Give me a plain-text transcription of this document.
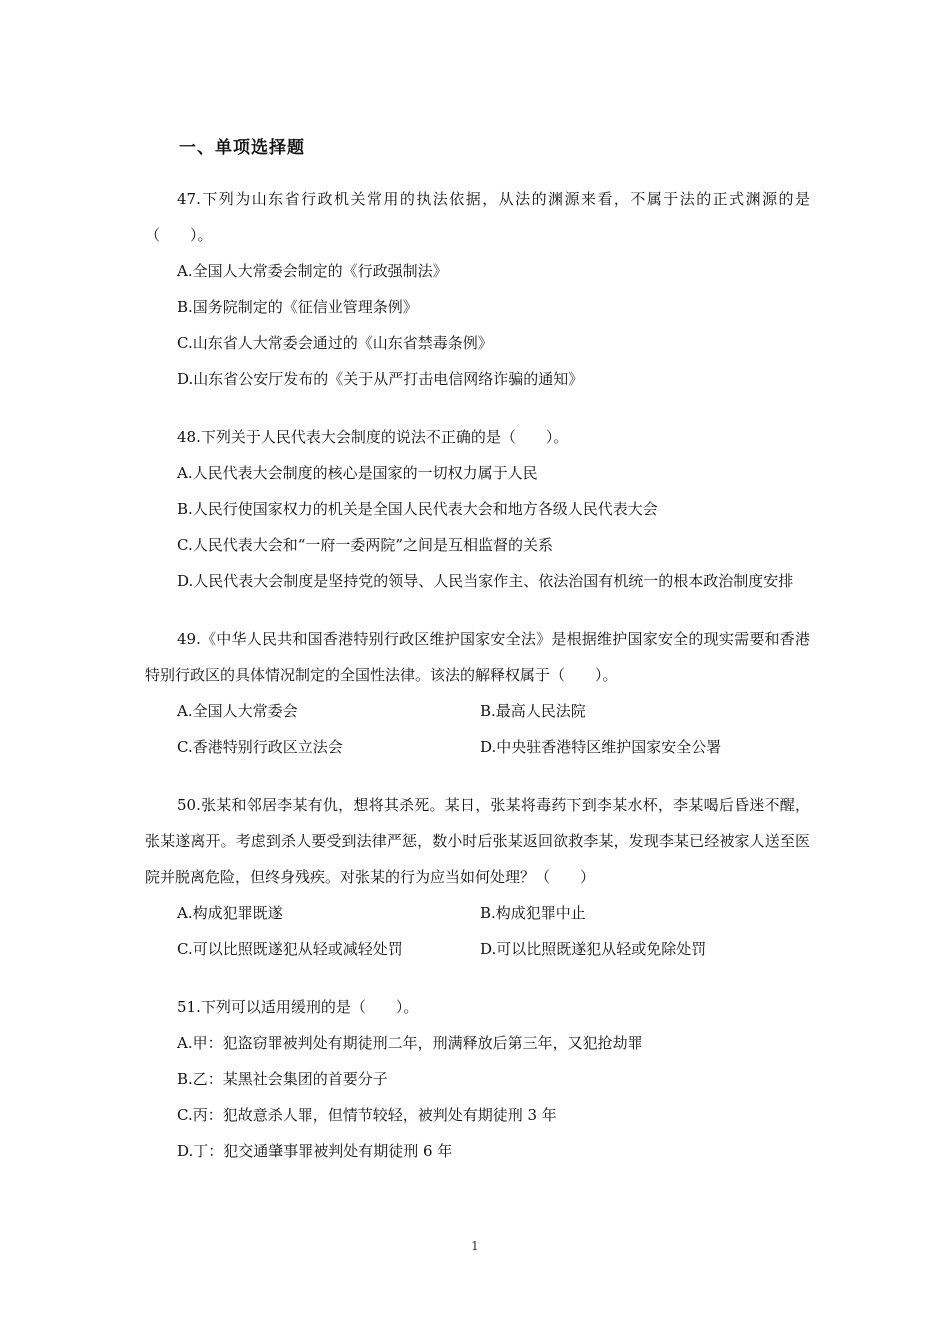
一、单项选择题

47.下列为山东省行政机关常用的执法依据，从法的渊源来看，不属于法的正式渊源的是（　　）。

A.全国人大常委会制定的《行政强制法》
B.国务院制定的《征信业管理条例》
C.山东省人大常委会通过的《山东省禁毒条例》
D.山东省公安厅发布的《关于从严打击电信网络诈骗的通知》

48.下列关于人民代表大会制度的说法不正确的是（　　）。

A.人民代表大会制度的核心是国家的一切权力属于人民
B.人民行使国家权力的机关是全国人民代表大会和地方各级人民代表大会
C.人民代表大会和“一府一委两院”之间是互相监督的关系

D.人民代表大会制度是坚持党的领导、人民当家作主、依法治国有机统一的根本政治制度安排

49.《中华人民共和国香港特别行政区维护国家安全法》是根据维护国家安全的现实需要和香港特别行政区的具体情况制定的全国性法律。该法的解释权属于（　　）。

A.全国人大常委会	B.最高人民法院
C.香港特别行政区立法会	D.中央驻香港特区维护国家安全公署

50.张某和邻居李某有仇，想将其杀死。某日，张某将毒药下到李某水杯，李某喝后昏迷不醒，张某遂离开。考虑到杀人要受到法律严惩，数小时后张某返回欲救李某，发现李某已经被家人送至医院并脱离危险，但终身残疾。对张某的行为应当如何处理？（　　）

A.构成犯罪既遂	B.构成犯罪中止
C.可以比照既遂犯从轻或减轻处罚	D.可以比照既遂犯从轻或免除处罚

51.下列可以适用缓刑的是（　　）。

A.甲：犯盗窃罪被判处有期徒刑二年，刑满释放后第三年，又犯抢劫罪
B.乙：某黑社会集团的首要分子
C.丙：犯故意杀人罪，但情节较轻，被判处有期徒刑 3 年
D.丁：犯交通肇事罪被判处有期徒刑 6 年
1
